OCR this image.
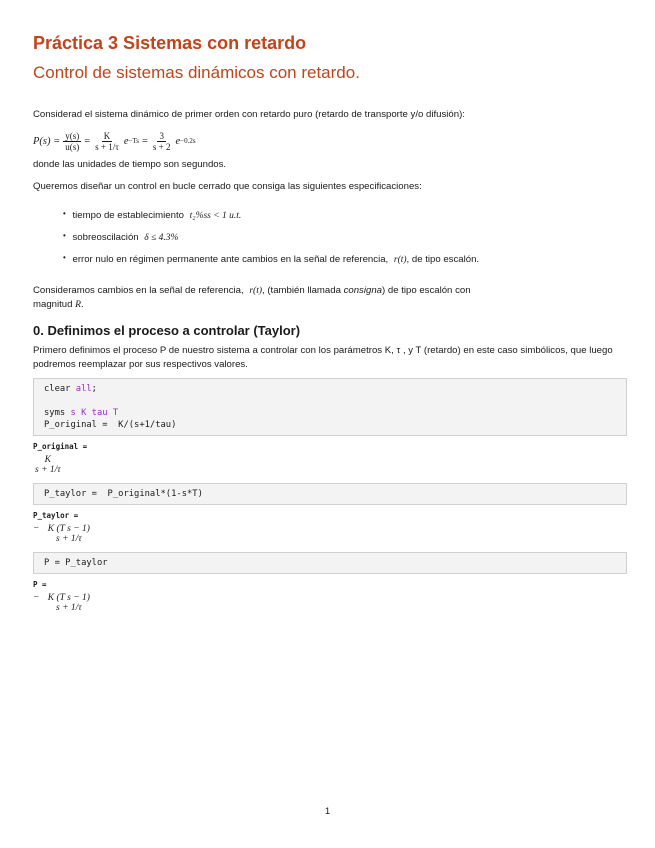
Práctica 3 Sistemas con retardo
Control de sistemas dinámicos con retardo.

Considerad el sistema dinámico de primer orden con retardo puro (retardo de transporte y/o difusión):

$P(s) = \frac{y(s)}{u(s)} = \frac{K}{s + 1/\tau}$ $e -Ts = \frac{3}{s + 2}$ e −0.2s

donde las unidades de tiempo son segundos.

Queremos diseñar un control en bucle cerrado que consiga las siguientes especificaciones:

• tiempo de establecimiento t₂%ss < 1 u.t.
• sobreoscilación δ ≤ 4.3%
• error nulo en régimen permanente ante cambios en la señal de referencia, r(t), de tipo escalón.

Consideramos cambios en la señal de referencia, r(t), (también llamada consigna) de tipo escalón con
magnitud R.

0. Definimos el proceso a controlar (Taylor)

Primero definimos el proceso P de nuestro sistema a controlar con los parámetros K, τ , y T (retardo) en este caso simbólicos, que luego podremos reemplazar por sus respectivos valores.

clear all;
syms s K tau T
P_original =  K/(s+1/tau)
P_original =
K
s + 1/τ
P_taylor =  P_original*(1-s*T)
P_taylor =
− K (T s − 1)
s + 1/τ
P = P_taylor
P =
− K (T s − 1)
s + 1/τ
1
